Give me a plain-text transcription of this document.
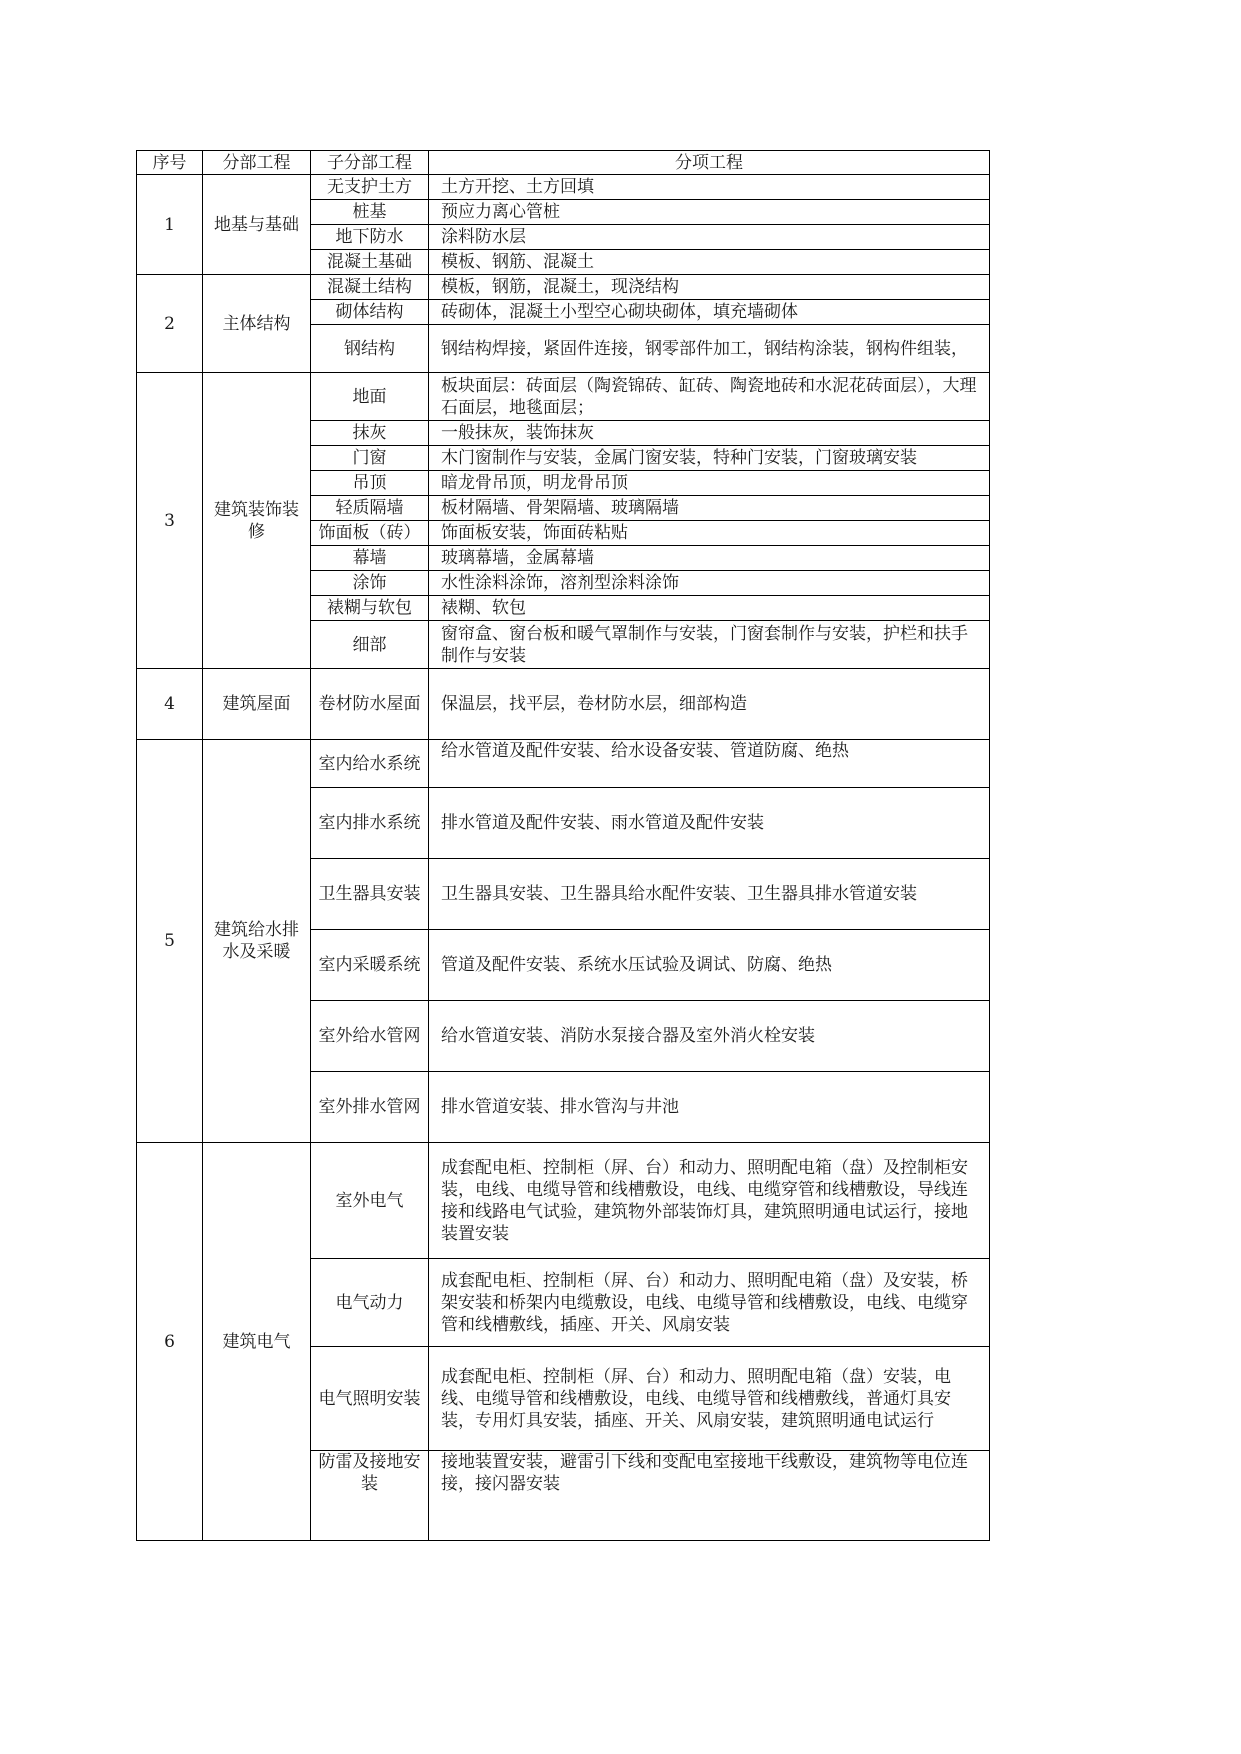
序号	分部工程	子分部工程	分项工程
1	地基与基础	无支护土方	土方开挖、土方回填
		桩基	预应力离心管桩
		地下防水	涂料防水层
		混凝土基础	模板、钢筋、混凝土
2	主体结构	混凝土结构	模板，钢筋，混凝土，现浇结构
		砌体结构	砖砌体，混凝土小型空心砌块砌体，填充墙砌体
		钢结构	钢结构焊接，紧固件连接，钢零部件加工，钢结构涂装，钢构件组装，
3	建筑装饰装修	地面	板块面层：砖面层（陶瓷锦砖、缸砖、陶瓷地砖和水泥花砖面层），大理石面层，地毯面层；
		抹灰	一般抹灰，装饰抹灰
		门窗	木门窗制作与安装，金属门窗安装，特种门安装，门窗玻璃安装
		吊顶	暗龙骨吊顶，明龙骨吊顶
		轻质隔墙	板材隔墙、骨架隔墙、玻璃隔墙
		饰面板（砖）	饰面板安装，饰面砖粘贴
		幕墙	玻璃幕墙，金属幕墙
		涂饰	水性涂料涂饰，溶剂型涂料涂饰
		裱糊与软包	裱糊、软包
		细部	窗帘盒、窗台板和暖气罩制作与安装，门窗套制作与安装，护栏和扶手制作与安装
4	建筑屋面	卷材防水屋面	保温层，找平层，卷材防水层，细部构造
5	建筑给水排水及采暖	室内给水系统	给水管道及配件安装、给水设备安装、管道防腐、绝热
		室内排水系统	排水管道及配件安装、雨水管道及配件安装
		卫生器具安装	卫生器具安装、卫生器具给水配件安装、卫生器具排水管道安装
		室内采暖系统	管道及配件安装、系统水压试验及调试、防腐、绝热
		室外给水管网	给水管道安装、消防水泵接合器及室外消火栓安装
		室外排水管网	排水管道安装、排水管沟与井池
6	建筑电气	室外电气	成套配电柜、控制柜（屏、台）和动力、照明配电箱（盘）及控制柜安装，电线、电缆导管和线槽敷设，电线、电缆穿管和线槽敷设，导线连接和线路电气试验，建筑物外部装饰灯具，建筑照明通电试运行，接地装置安装
		电气动力	成套配电柜、控制柜（屏、台）和动力、照明配电箱（盘）及安装，桥架安装和桥架内电缆敷设，电线、电缆导管和线槽敷设，电线、电缆穿管和线槽敷线，插座、开关、风扇安装
		电气照明安装	成套配电柜、控制柜（屏、台）和动力、照明配电箱（盘）安装，电线、电缆导管和线槽敷设，电线、电缆导管和线槽敷线，普通灯具安装，专用灯具安装，插座、开关、风扇安装，建筑照明通电试运行
		防雷及接地安装	接地装置安装，避雷引下线和变配电室接地干线敷设，建筑物等电位连接，接闪器安装
